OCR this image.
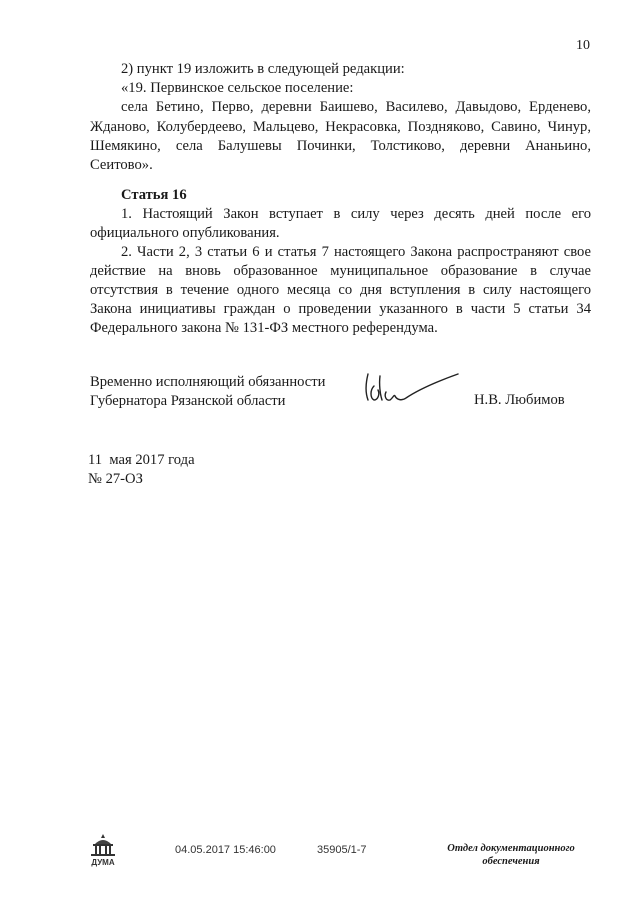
10
2) пункт 19 изложить в следующей редакции:
«19. Первинское сельское поселение:
села Бетино, Перво, деревни Баишево, Василево, Давыдово, Ерденево,
Жданово, Колубердеево, Мальцево, Некрасовка, Поздняково, Савино, Чинур,
Шемякино, села Балушевы Починки, Толстиково, деревни Ананьино,
Сеитово».
Статья 16
1. Настоящий Закон вступает в силу через десять дней после его
официального опубликования.
2. Части 2, 3 статьи 6 и статья 7 настоящего Закона распространяют свое
действие на вновь образованное муниципальное образование в случае
отсутствия в течение одного месяца со дня вступления в силу настоящего
Закона инициативы граждан о проведении указанного в части 5 статьи 34
Федерального закона № 131-ФЗ местного референдума.
Временно исполняющий обязанности
Губернатора Рязанской области	Н.В. Любимов
11  мая 2017 года
№ 27-ОЗ
ДУМА
04.05.2017 15:46:00	35905/1-7	Отдел документационного
обеспечения
